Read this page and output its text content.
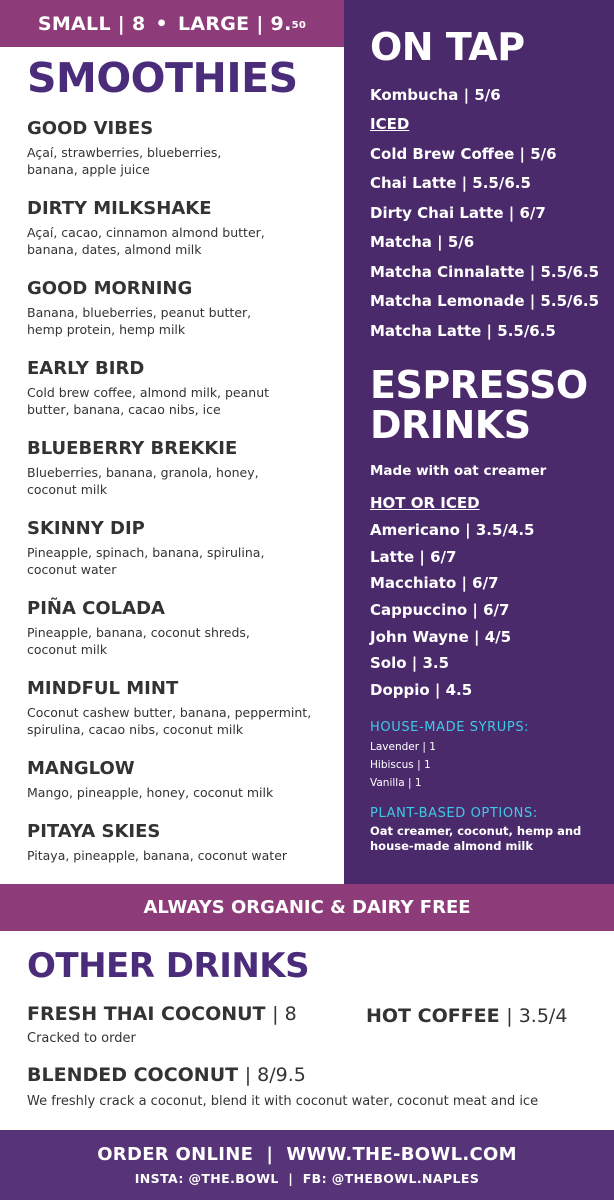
SMALL | 8 • LARGE | 9.50
SMOOTHIES
GOOD VIBES
Açaí, strawberries, blueberries, banana, apple juice
DIRTY MILKSHAKE
Açaí, cacao, cinnamon almond butter, banana, dates, almond milk
GOOD MORNING
Banana, blueberries, peanut butter, hemp protein, hemp milk
EARLY BIRD
Cold brew coffee, almond milk, peanut butter, banana, cacao nibs, ice
BLUEBERRY BREKKIE
Blueberries, banana, granola, honey, coconut milk
SKINNY DIP
Pineapple, spinach, banana, spirulina, coconut water
PIÑA COLADA
Pineapple, banana, coconut shreds, coconut milk
MINDFUL MINT
Coconut cashew butter, banana, peppermint, spirulina, cacao nibs, coconut milk
MANGLOW
Mango, pineapple, honey, coconut milk
PITAYA SKIES
Pitaya, pineapple, banana, coconut water
ON TAP
Kombucha | 5/6
ICED
Cold Brew Coffee | 5/6
Chai Latte | 5.5/6.5
Dirty Chai Latte | 6/7
Matcha | 5/6
Matcha Cinnalatte | 5.5/6.5
Matcha Lemonade | 5.5/6.5
Matcha Latte | 5.5/6.5
ESPRESSO
DRINKS
Made with oat creamer
HOT OR ICED
Americano | 3.5/4.5
Latte | 6/7
Macchiato | 6/7
Cappuccino | 6/7
John Wayne | 4/5
Solo | 3.5
Doppio | 4.5
HOUSE-MADE SYRUPS:
Lavender | 1
Hibiscus | 1
Vanilla | 1
PLANT-BASED OPTIONS:
Oat creamer, coconut, hemp and house-made almond milk
ALWAYS ORGANIC & DAIRY FREE
OTHER DRINKS
FRESH THAI COCONUT | 8
Cracked to order
HOT COFFEE | 3.5/4
BLENDED COCONUT | 8/9.5
We freshly crack a coconut, blend it with coconut water, coconut meat and ice
ORDER ONLINE  |  WWW.THE-BOWL.COM
INSTA: @THE.BOWL  |  FB: @THEBOWL.NAPLES
